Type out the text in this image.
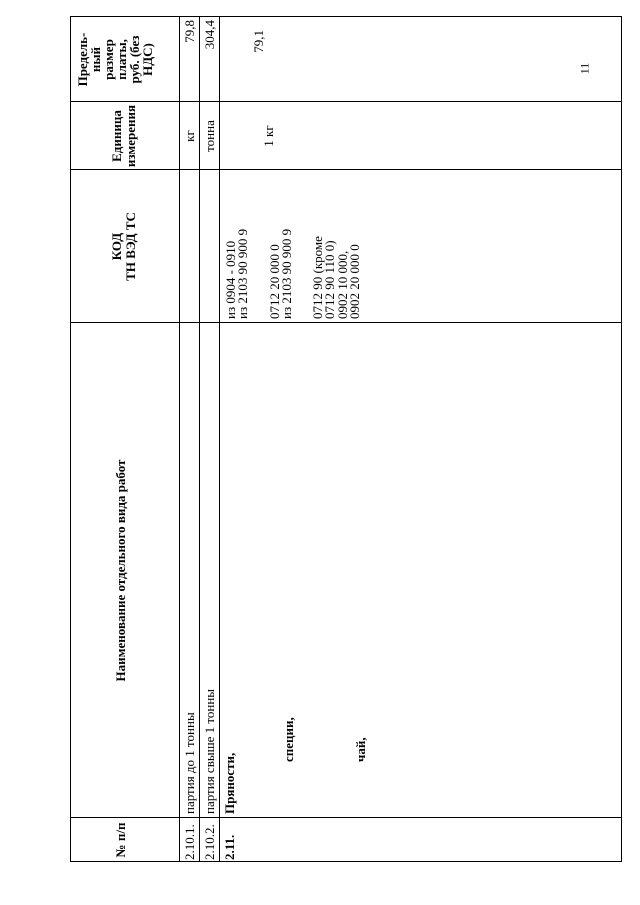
11
№ п/п
Наименование отдельного вида работ
КОД ТН ВЭД ТС
Единица измерения
Предель-
ный
размер
платы,
руб. (без
НДС)
2.10.1.
партия до 1 тонны
кг
79,8
2.10.2.
партия свыше 1 тонны
тонна
304,4
2.11.
Пряности,
специи,	чай,
из 0904 - 0910
из 2103 90 900 9 0712 20 000 0
из 2103 90 900 9 0712 90 (кроме
0712 90 110 0)
0902 10 000,
0902 20 000 0
1 кг
79,1
